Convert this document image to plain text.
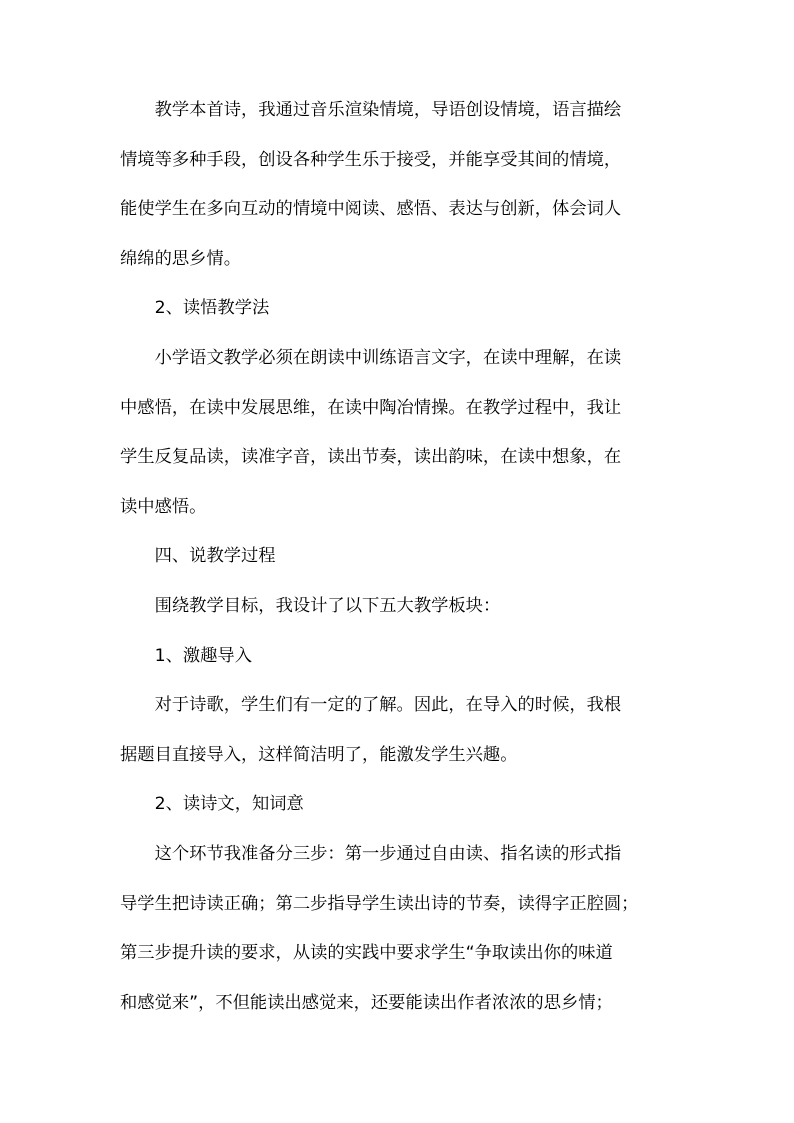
教学本首诗，我通过音乐渲染情境，导语创设情境，语言描绘
情境等多种手段，创设各种学生乐于接受，并能享受其间的情境，
能使学生在多向互动的情境中阅读、感悟、表达与创新，体会词人
绵绵的思乡情。

2、读悟教学法

小学语文教学必须在朗读中训练语言文字，在读中理解，在读
中感悟，在读中发展思维，在读中陶冶情操。在教学过程中，我让
学生反复品读，读准字音，读出节奏，读出韵味，在读中想象，在
读中感悟。

四、说教学过程

围绕教学目标，我设计了以下五大教学板块：

1、激趣导入

对于诗歌，学生们有一定的了解。因此，在导入的时候，我根
据题目直接导入，这样简洁明了，能激发学生兴趣。

2、读诗文，知词意

这个环节我准备分三步：第一步通过自由读、指名读的形式指
导学生把诗读正确；第二步指导学生读出诗的节奏，读得字正腔圆；
第三步提升读的要求，从读的实践中要求学生“争取读出你的味道
和感觉来”，不但能读出感觉来，还要能读出作者浓浓的思乡情；
